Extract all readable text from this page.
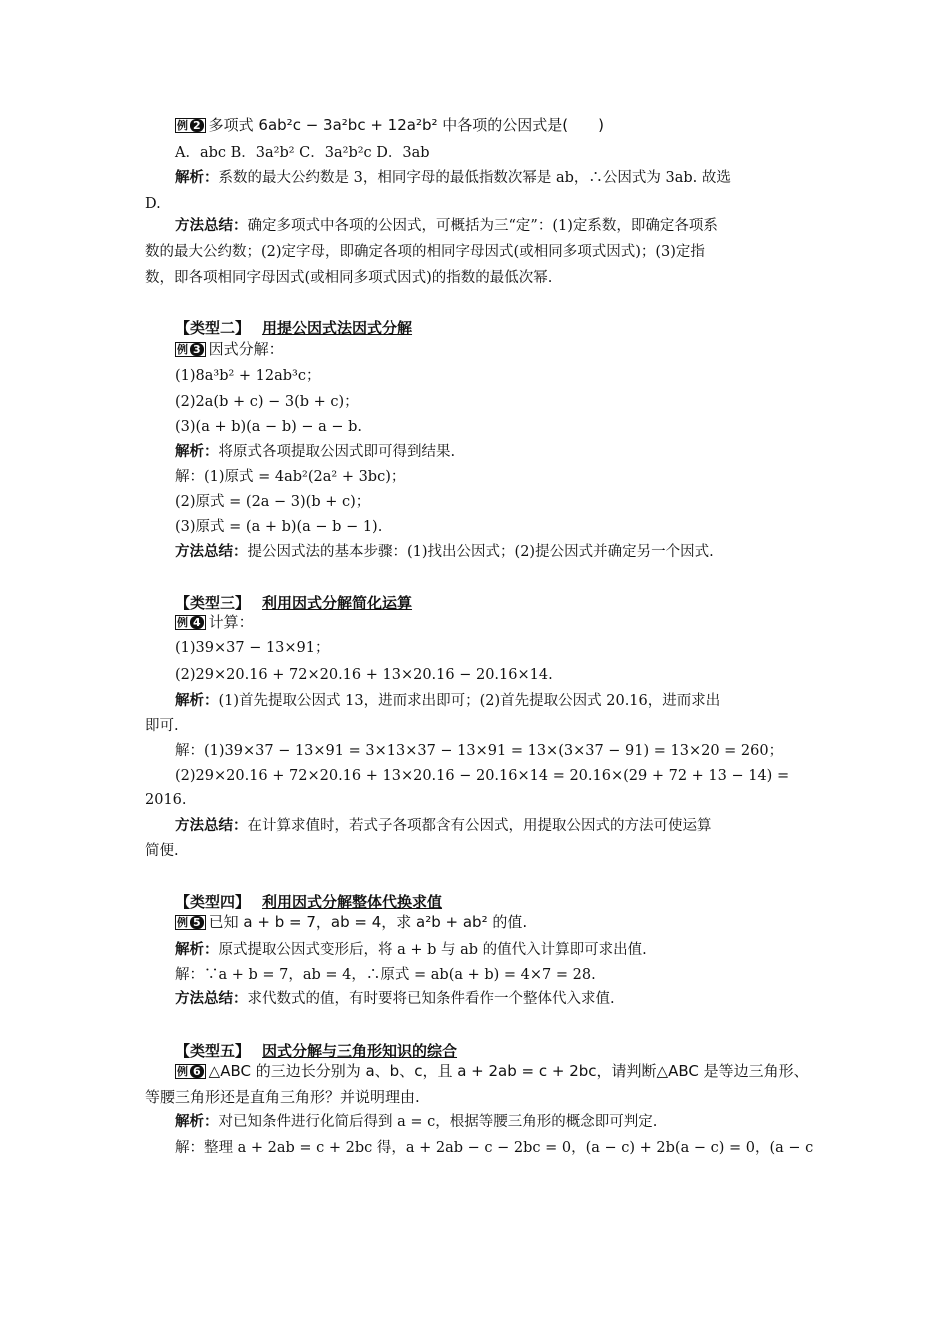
例 2 多项式 6ab²c − 3a²bc + 12a²b² 中各项的公因式是(　　)
A．abc B．3a²b² C．3a²b²c D．3ab
解析：系数的最大公约数是 3，相同字母的最低指数次幂是 ab，∴公因式为 3ab. 故选
D.
方法总结：确定多项式中各项的公因式，可概括为三“定”：(1)定系数，即确定各项系
数的最大公约数；(2)定字母，即确定各项的相同字母因式(或相同多项式因式)；(3)定指
数，即各项相同字母因式(或相同多项式因式)的指数的最低次幂.
【类型二】 用提公因式法因式分解
例 3 因式分解：
(1)8a³b² + 12ab³c；
(2)2a(b + c) − 3(b + c)；
(3)(a + b)(a − b) − a − b.
解析：将原式各项提取公因式即可得到结果.
解：(1)原式 = 4ab²(2a² + 3bc)；
(2)原式 = (2a − 3)(b + c)；
(3)原式 = (a + b)(a − b − 1).
方法总结：提公因式法的基本步骤：(1)找出公因式；(2)提公因式并确定另一个因式.
【类型三】 利用因式分解简化运算
例 4 计算：
(1)39×37 − 13×91；
(2)29×20.16 + 72×20.16 + 13×20.16 − 20.16×14.
解析：(1)首先提取公因式 13，进而求出即可；(2)首先提取公因式 20.16，进而求出
即可.
解：(1)39×37 − 13×91 = 3×13×37 − 13×91 = 13×(3×37 − 91) = 13×20 = 260；
(2)29×20.16 + 72×20.16 + 13×20.16 − 20.16×14 = 20.16×(29 + 72 + 13 − 14) =
2016.
方法总结：在计算求值时，若式子各项都含有公因式，用提取公因式的方法可使运算
简便.
【类型四】 利用因式分解整体代换求值
例 5 已知 a + b = 7，ab = 4，求 a²b + ab² 的值.
解析：原式提取公因式变形后，将 a + b 与 ab 的值代入计算即可求出值.
解：∵a + b = 7，ab = 4，∴原式 = ab(a + b) = 4×7 = 28.
方法总结：求代数式的值，有时要将已知条件看作一个整体代入求值.
【类型五】 因式分解与三角形知识的综合
例 6 △ABC 的三边长分别为 a、b、c，且 a + 2ab = c + 2bc，请判断△ABC 是等边三角形、
等腰三角形还是直角三角形？并说明理由.
解析：对已知条件进行化简后得到 a = c，根据等腰三角形的概念即可判定.
解：整理 a + 2ab = c + 2bc 得，a + 2ab − c − 2bc = 0，(a − c) + 2b(a − c) = 0，(a − c
